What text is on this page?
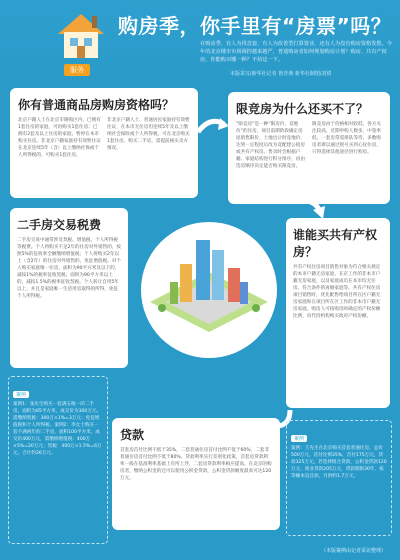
服务
购房季，你手里有“房票”吗？
在购房季，有人为找首套、有人为改善型打算置业，还有人为没有购房资格发愁。今年的北京楼市市场调控越来越严，普通购房者如何规划购房计划？购房、共有产权房，你能购买哪一种？不妨这一下。
本版采写/新华社记者 鲁青燕 新华社制图/刘倩
你有普通商品房购房资格吗？

北京户籍人士在北京市限购区内，已拥有1套住房的家庭，可再购买1套住房；已拥有2套及以上住房的家庭，暂停在本市购买住房。非北京户籍家庭持有效暂住证在北京连续5年（含）以上缴纳社保或个人所得税的，可购买1套住房。

非北京户籍人士、普通居民家庭持有效暂住证，在本市无住房但连续5年及以上缴纳社会保险或个人所得税，可在北京购买1套住房。购买二手房，需提前核实卖方情况。

限竞房为什么还买不了？

“限竞房”是一种“限房价、竞地价”的住房，项目前期阶段确定房屋销售限价，土地出让时竞地价，达到一定程度后改为竞配建公租房或共有产权房。售卖时会根据户籍、家庭结构进行积分排序，再由选房顺序决定能否购买限竞房。

限竞房由于价格相对较低、各方关注较高，近期申购人数多，中签率低，一套房常需排队等待，多数购房者难以通过摇号买到心仪住房，只得选择其他途径进行购房。

二手房交易税费

二手房交易中通常涉及契税、增值税、个人所得税等税费。个人将购买不足2年的住房对外销售的，按照5%的征收率全额缴纳增值税；个人将购买2年以上（含2年）的住房对外销售的，免征增值税。对个人购买家庭唯一住房，面积为90平方米及以下的，减按1%的税率征收契税；面积为90平方米以上的，减按1.5%的税率征收契税。个人转让自用5年以上、并且是家庭唯一生活用房取得的所得，免征个人所得税。

谁能买共有产权房？

共有产权住房项目销售对象为符合相关规定的本市户籍无房家庭、在京工作的非本市户籍无房家庭，以及家庭成员在本市均无住房、符合条件的再婚家庭等。共有产权住房项目销售时，优先配售给项目所在区户籍无房家庭和在项目所在区工作的非本市户籍无房家庭。购房人可按购房时确定的产权份额比例，向代持机构购买政府产权份额。

贷款

首套房首付比例不低于35%，二套普通住房首付比例不低于60%，二套非普通住房首付比例不低于80%。贷款利率实行差别化政策，首套房贷款利率一般在基准利率基础上有所上浮，二套房贷款利率相应提高。在北京的购房者，缴纳公积金的还可以使用公积金贷款，公积金贷款额度最高可达120万元。

案例

案例1：张先生购买一套满五唯一的二手房，面积为85平方米，成交价为300万元。需缴纳契税：300万×1%=3万元；免征增值税和个人所得税。案例2：李女士购买一套不满两年的二手房，面积100平方米，成交价400万元，需缴纳增值税：400万×5%=20万元；契税：400万×1.5%=6万元。合计约26万元。

案例

案例：王先生在北京购买首套普通住房，总价500万元，首付比例35%，首付175万元，贷款325万元。若选择组合贷款，公积金贷款120万元，商业贷款205万元，贷款期限30年，按等额本息还款，月供约1.7万元。

（本版案例由记者采访整理）
